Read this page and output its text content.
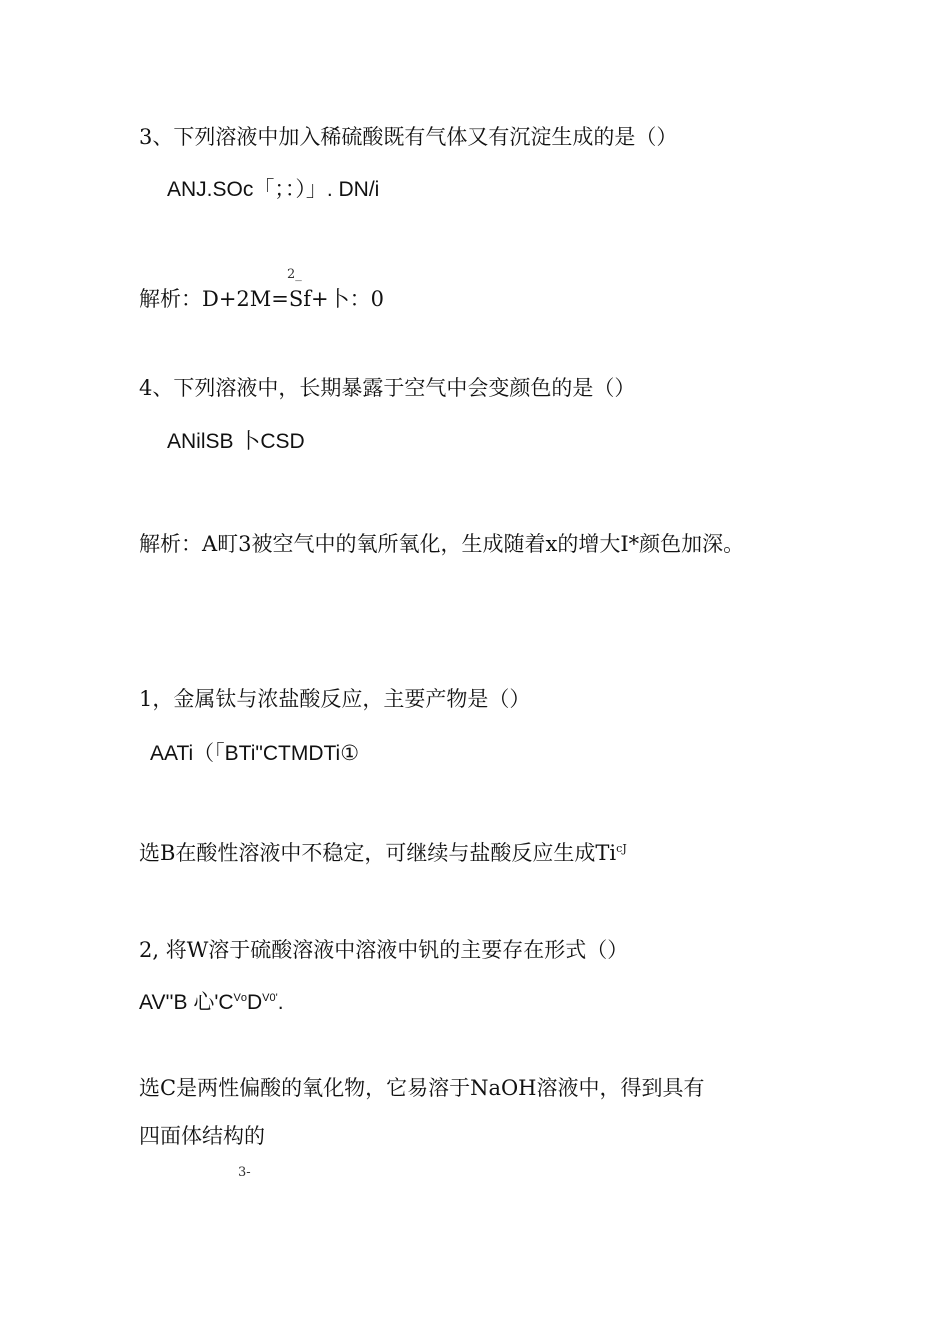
3、下列溶液中加入稀硫酸既有气体又有沉淀生成的是（）
ANJ.SOc「；：）」. DN/i
2_
解析：D+2M=Sf+卜：0
4、下列溶液中，长期暴露于空气中会变颜色的是（）
ANilSB 卜CSD
解析：A町3被空气中的氧所氧化，生成随着x的增大I*颜色加深。
1，金属钛与浓盐酸反应，主要产物是（）
AATi（「BTi"CTMDTi①
选B在酸性溶液中不稳定，可继续与盐酸反应生成$Ti^{cJ}$
2, 将W溶于硫酸溶液中溶液中钒的主要存在形式（）
AV''B 心'$C^{Vo}D^{V0'}$.
选C是两性偏酸的氧化物，它易溶于NaOH溶液中，得到具有
四面体结构的
3-
